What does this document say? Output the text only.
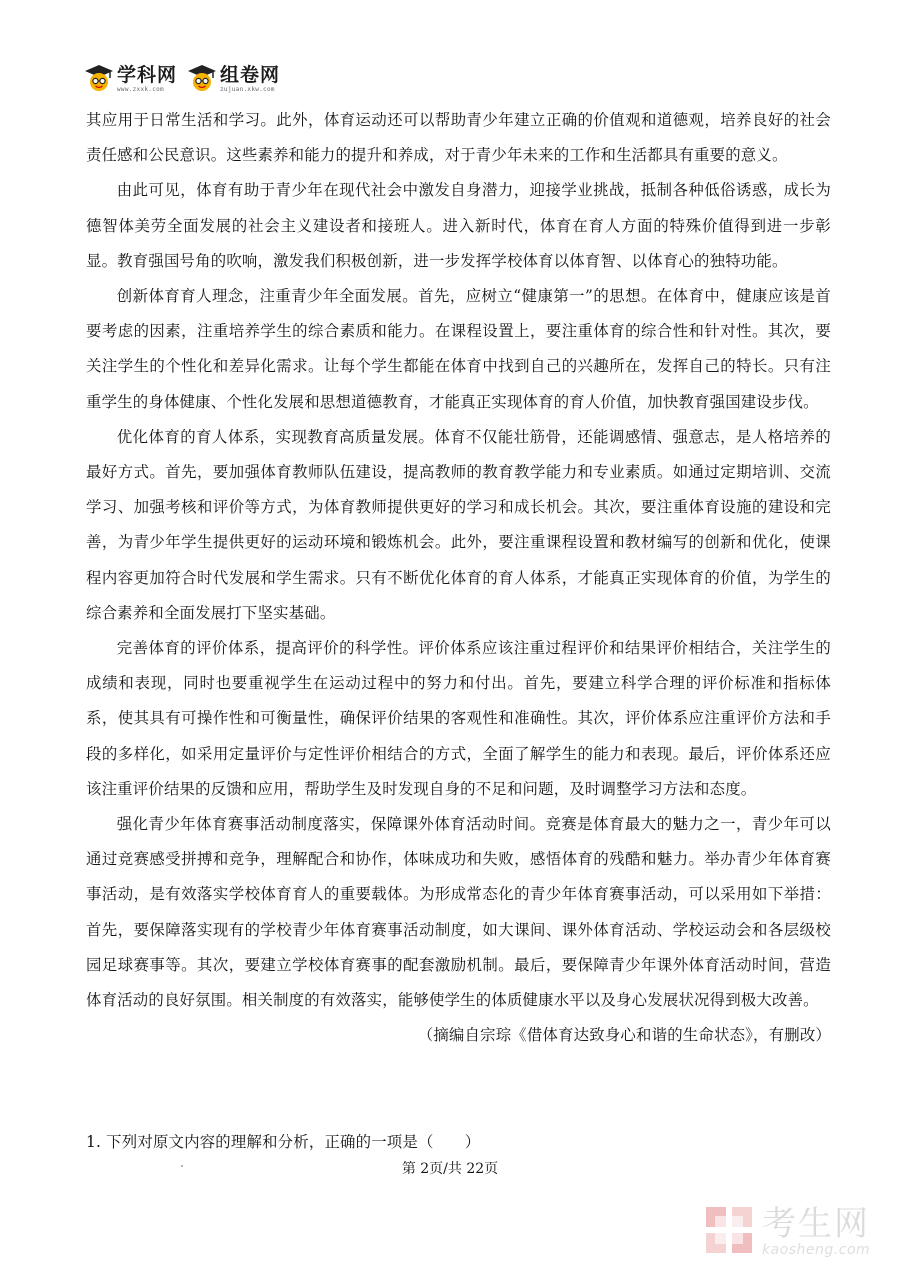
学科网
www.zxxk.com
组卷网
zujuan.xkw.com

其应用于日常生活和学习。此外，体育运动还可以帮助青少年建立正确的价值观和道德观，培养良好的社会责任感和公民意识。这些素养和能力的提升和养成，对于青少年未来的工作和生活都具有重要的意义。

由此可见，体育有助于青少年在现代社会中激发自身潜力，迎接学业挑战，抵制各种低俗诱惑，成长为德智体美劳全面发展的社会主义建设者和接班人。进入新时代，体育在育人方面的特殊价值得到进一步彰显。教育强国号角的吹响，激发我们积极创新，进一步发挥学校体育以体育智、以体育心的独特功能。

创新体育育人理念，注重青少年全面发展。首先，应树立“健康第一”的思想。在体育中，健康应该是首要考虑的因素，注重培养学生的综合素质和能力。在课程设置上，要注重体育的综合性和针对性。其次，要关注学生的个性化和差异化需求。让每个学生都能在体育中找到自己的兴趣所在，发挥自己的特长。只有注重学生的身体健康、个性化发展和思想道德教育，才能真正实现体育的育人价值，加快教育强国建设步伐。

优化体育的育人体系，实现教育高质量发展。体育不仅能壮筋骨，还能调感情、强意志，是人格培养的最好方式。首先，要加强体育教师队伍建设，提高教师的教育教学能力和专业素质。如通过定期培训、交流学习、加强考核和评价等方式，为体育教师提供更好的学习和成长机会。其次，要注重体育设施的建设和完善，为青少年学生提供更好的运动环境和锻炼机会。此外，要注重课程设置和教材编写的创新和优化，使课程内容更加符合时代发展和学生需求。只有不断优化体育的育人体系，才能真正实现体育的价值，为学生的综合素养和全面发展打下坚实基础。

完善体育的评价体系，提高评价的科学性。评价体系应该注重过程评价和结果评价相结合，关注学生的成绩和表现，同时也要重视学生在运动过程中的努力和付出。首先，要建立科学合理的评价标准和指标体系，使其具有可操作性和可衡量性，确保评价结果的客观性和准确性。其次，评价体系应注重评价方法和手段的多样化，如采用定量评价与定性评价相结合的方式，全面了解学生的能力和表现。最后，评价体系还应该注重评价结果的反馈和应用，帮助学生及时发现自身的不足和问题，及时调整学习方法和态度。

强化青少年体育赛事活动制度落实，保障课外体育活动时间。竞赛是体育最大的魅力之一，青少年可以通过竞赛感受拼搏和竞争，理解配合和协作，体味成功和失败，感悟体育的残酷和魅力。举办青少年体育赛事活动，是有效落实学校体育育人的重要载体。为形成常态化的青少年体育赛事活动，可以采用如下举措：首先，要保障落实现有的学校青少年体育赛事活动制度，如大课间、课外体育活动、学校运动会和各层级校园足球赛事等。其次，要建立学校体育赛事的配套激励机制。最后，要保障青少年课外体育活动时间，营造体育活动的良好氛围。相关制度的有效落实，能够使学生的体质健康水平以及身心发展状况得到极大改善。

（摘编自宗琮《借体育达致身心和谐的生命状态》，有删改）

1. 下列对原文内容的理解和分析，正确的一项是（　　）
第 2页/共 22页
考生网
kaosheng.com
